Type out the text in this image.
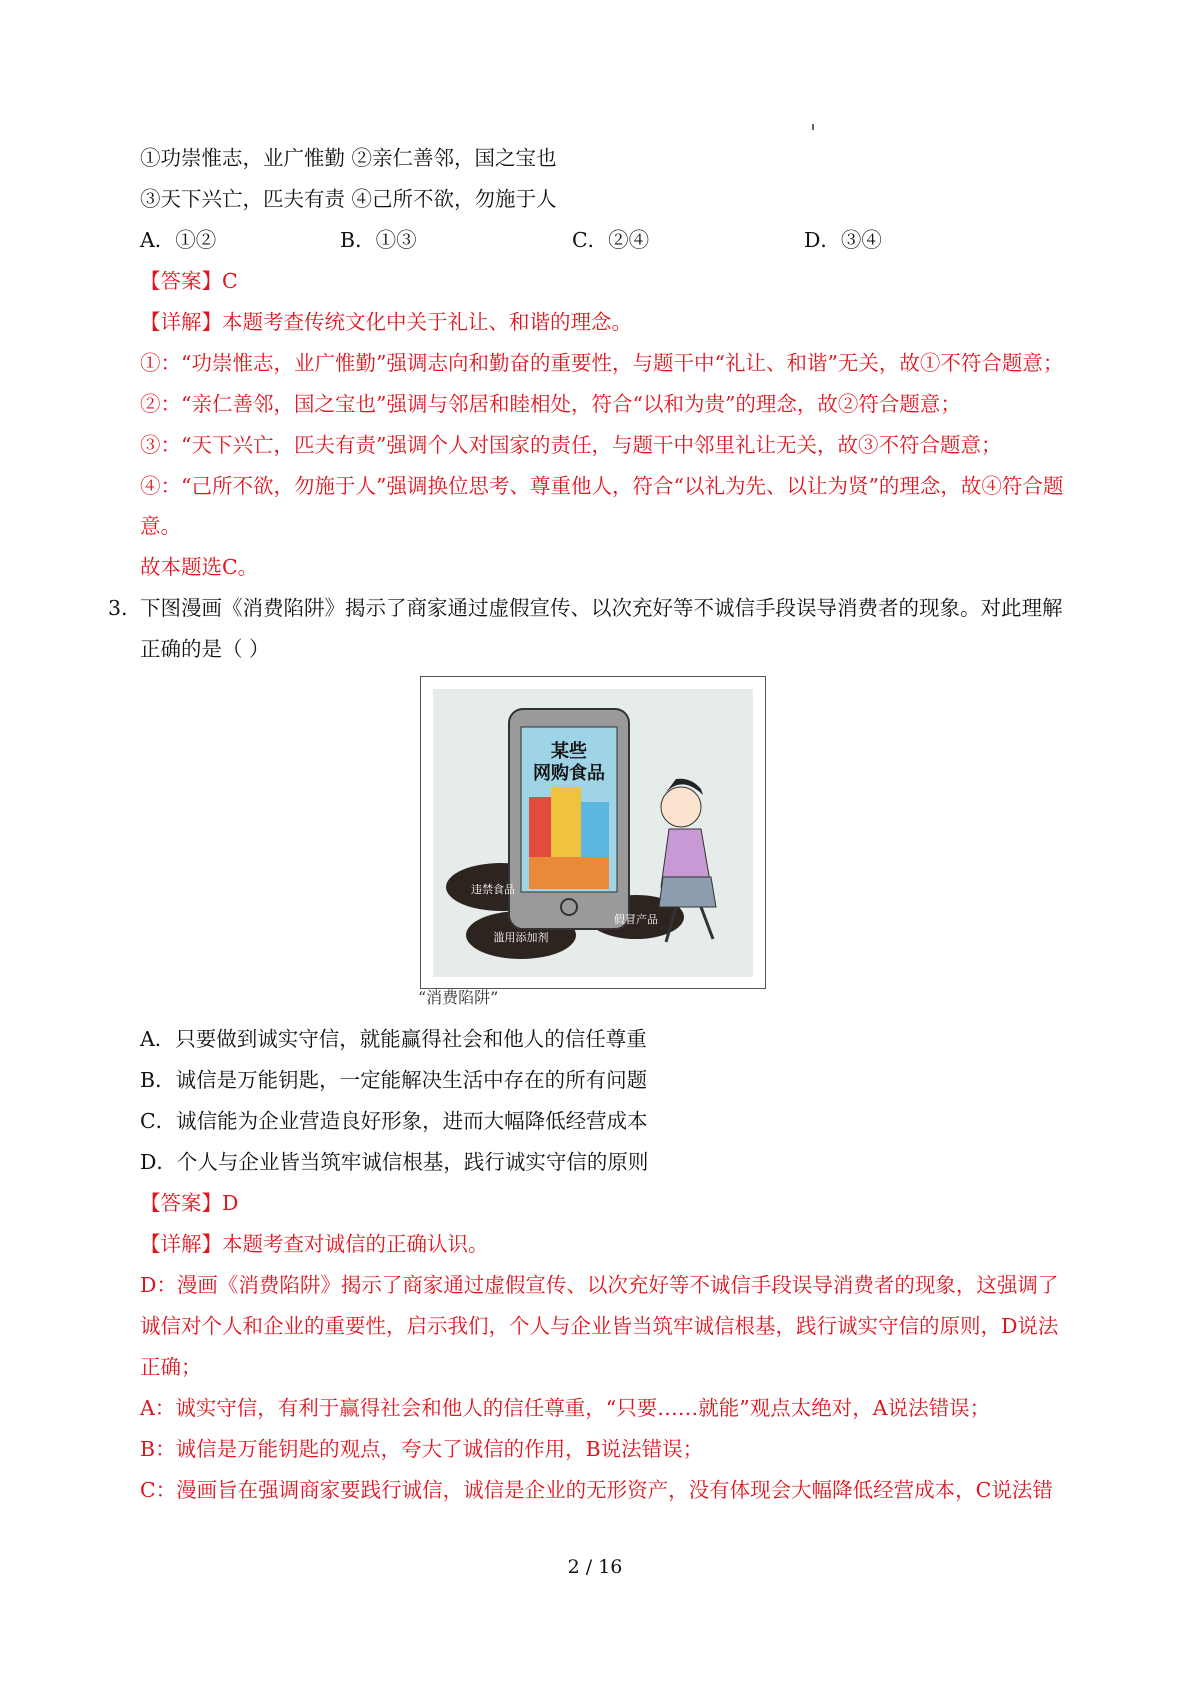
①功崇惟志，业广惟勤 ②亲仁善邻，国之宝也
③天下兴亡，匹夫有责 ④己所不欲，勿施于人
A．①②	B．①③	C．②④	D．③④
【答案】C
【详解】本题考查传统文化中关于礼让、和谐的理念。
①：“功崇惟志，业广惟勤”强调志向和勤奋的重要性，与题干中“礼让、和谐”无关，故①不符合题意；
②：“亲仁善邻，国之宝也”强调与邻居和睦相处，符合“以和为贵”的理念，故②符合题意；
③：“天下兴亡，匹夫有责”强调个人对国家的责任，与题干中邻里礼让无关，故③不符合题意；
④：“己所不欲，勿施于人”强调换位思考、尊重他人，符合“以礼为先、以让为贤”的理念，故④符合题
意。
故本题选C。
3. 下图漫画《消费陷阱》揭示了商家通过虚假宣传、以次充好等不诚信手段误导消费者的现象。对此理解
正确的是（ ）
某些
网购食品
违禁食品
滥用添加剂
假冒产品
“消费陷阱”
A．只要做到诚实守信，就能赢得社会和他人的信任尊重
B．诚信是万能钥匙，一定能解决生活中存在的所有问题
C．诚信能为企业营造良好形象，进而大幅降低经营成本
D．个人与企业皆当筑牢诚信根基，践行诚实守信的原则
【答案】D
【详解】本题考查对诚信的正确认识。
D：漫画《消费陷阱》揭示了商家通过虚假宣传、以次充好等不诚信手段误导消费者的现象，这强调了
诚信对个人和企业的重要性，启示我们，个人与企业皆当筑牢诚信根基，践行诚实守信的原则，D说法
正确；
A：诚实守信，有利于赢得社会和他人的信任尊重，“只要……就能”观点太绝对，A说法错误；
B：诚信是万能钥匙的观点，夸大了诚信的作用，B说法错误；
C：漫画旨在强调商家要践行诚信，诚信是企业的无形资产，没有体现会大幅降低经营成本，C说法错
2 / 16
